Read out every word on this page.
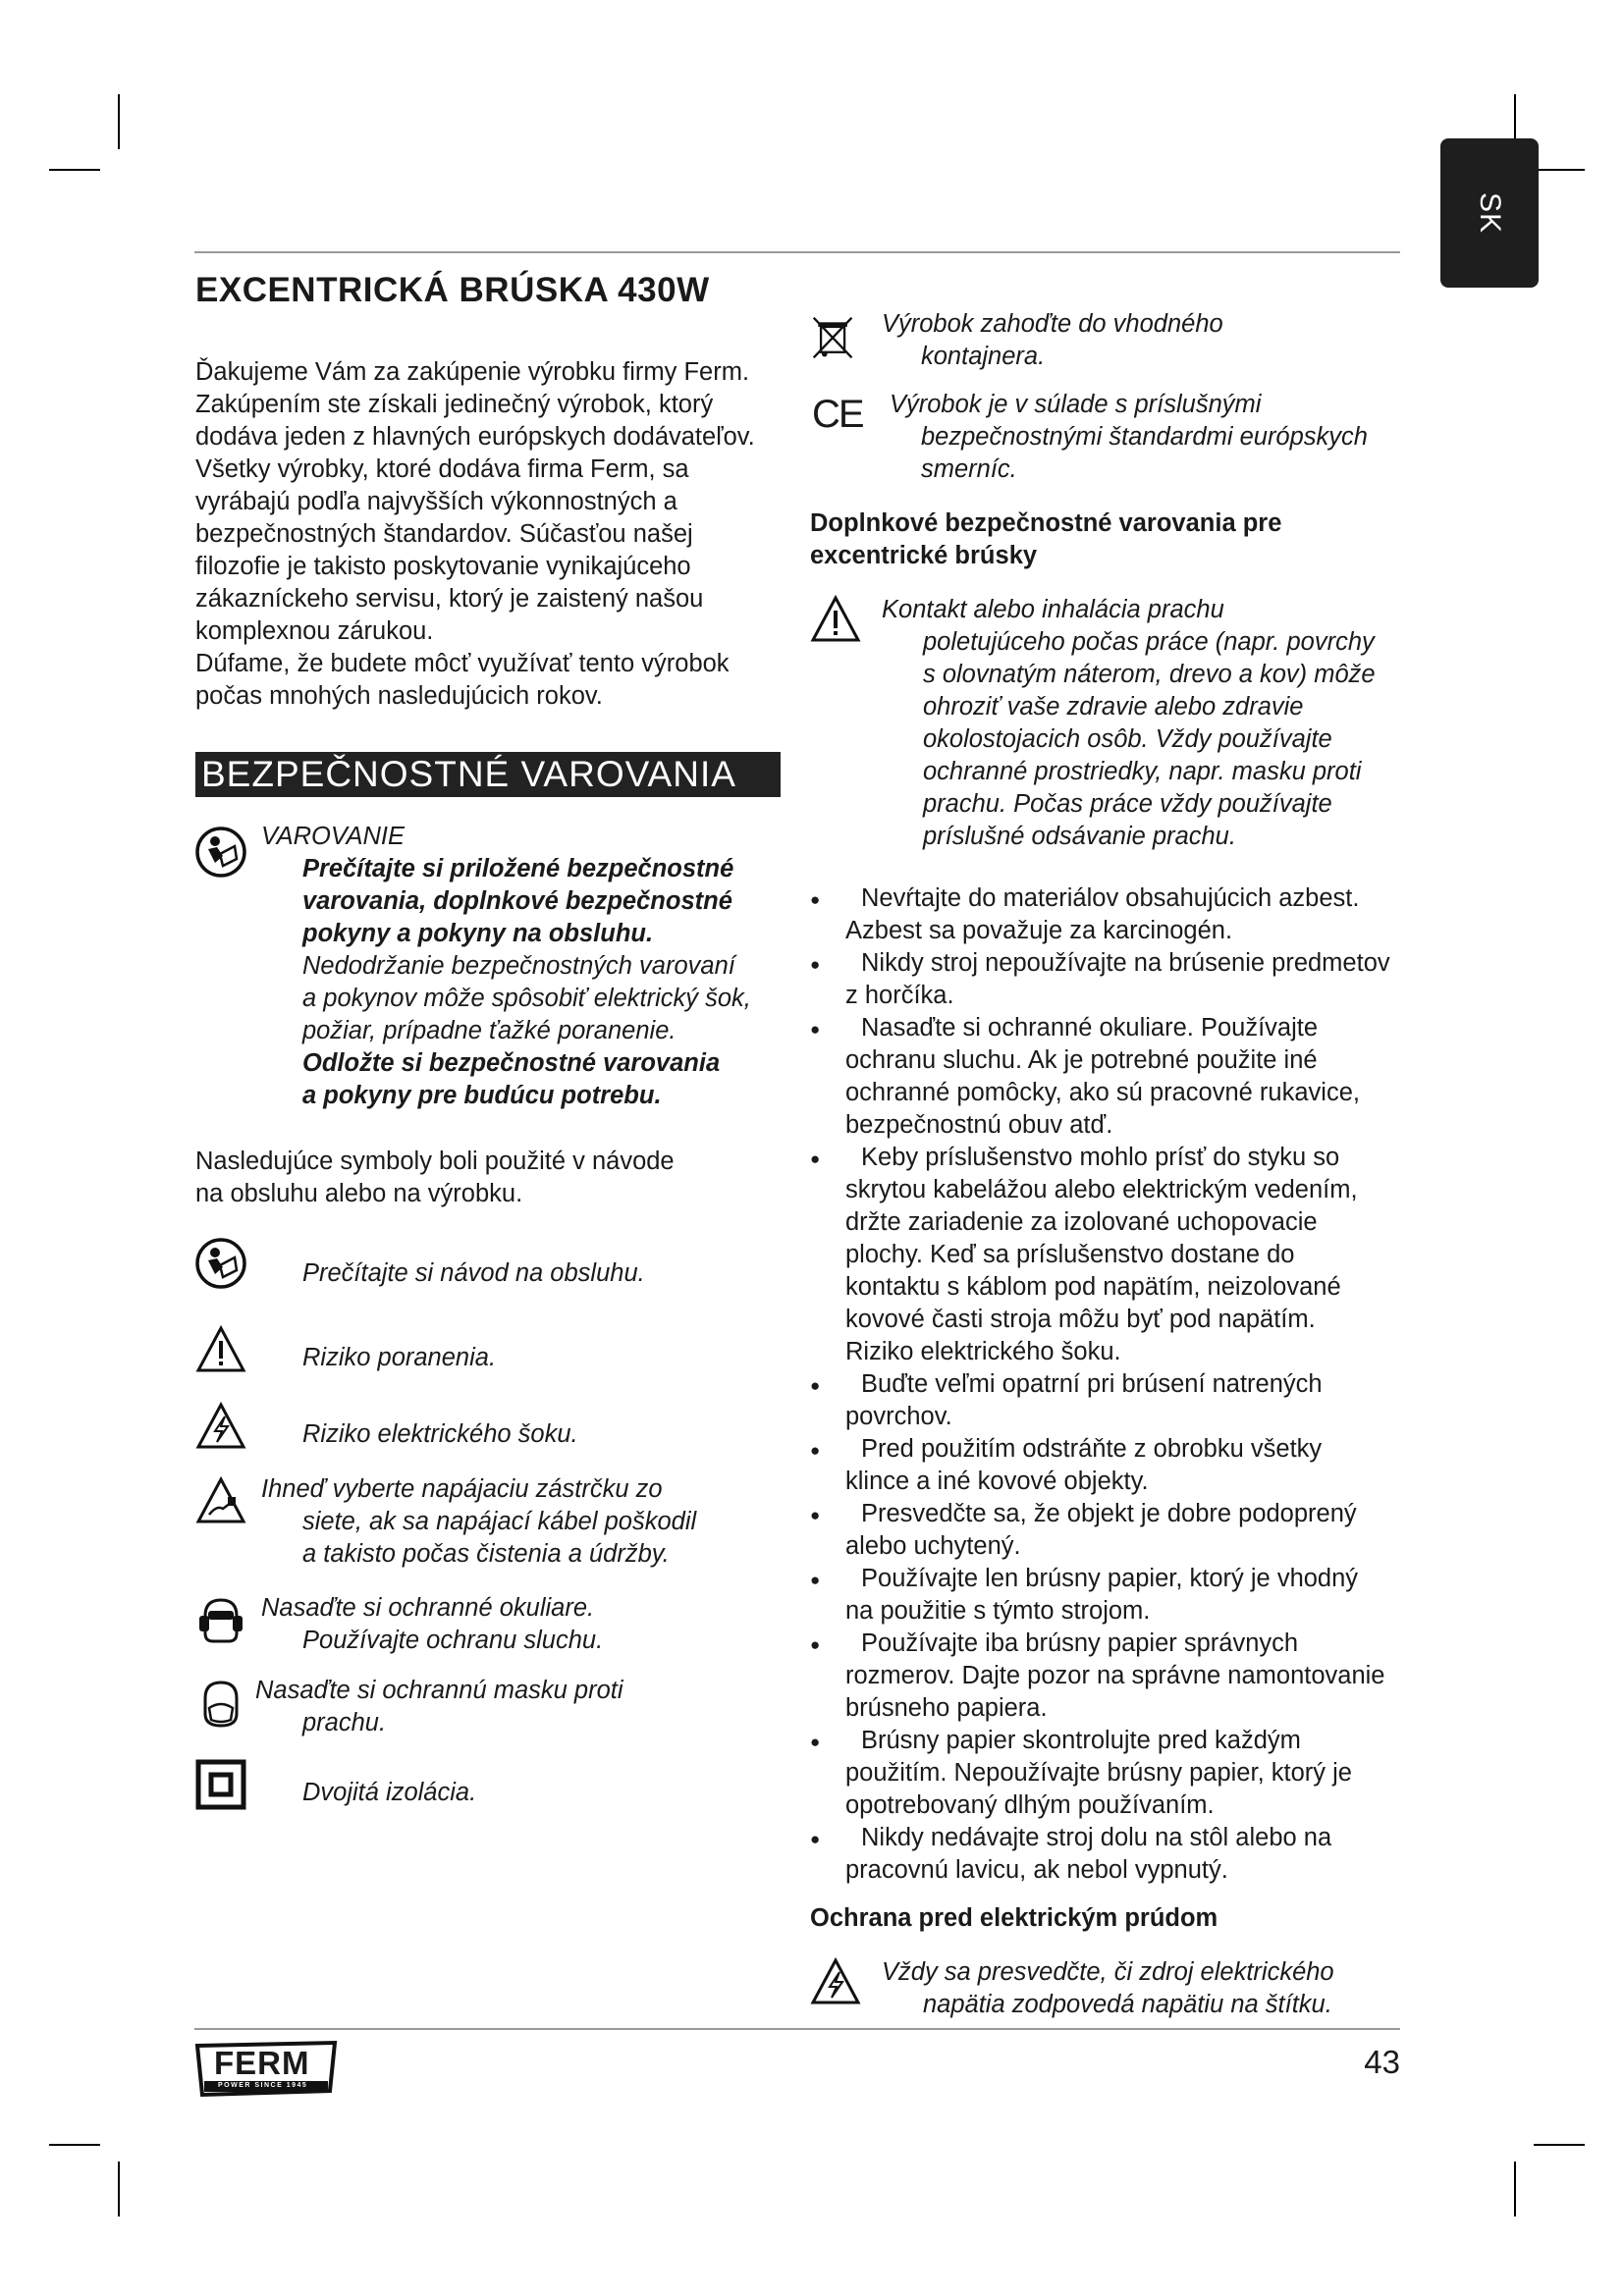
SK
EXCENTRICKÁ BRÚSKA 430W

Ďakujeme Vám za zakúpenie výrobku firmy Ferm.

Zakúpením ste získali jedinečný výrobok, ktorý

dodáva jeden z hlavných európskych dodávateľov.

Všetky výrobky, ktoré dodáva firma Ferm, sa

vyrábajú podľa najvyšších výkonnostných a

bezpečnostných štandardov. Súčasťou našej

filozofie je takisto poskytovanie vynikajúceho

zákazníckeho servisu, ktorý je zaistený našou

komplexnou zárukou.

Dúfame, že budete môcť využívať tento výrobok

počas mnohých nasledujúcich rokov.

BEZPEČNOSTNÉ VAROVANIA

VAROVANIE

Prečítajte si priložené bezpečnostné

varovania, doplnkové bezpečnostné

pokyny a pokyny na obsluhu.

Nedodržanie bezpečnostných varovaní

a pokynov môže spôsobiť elektrický šok,

požiar, prípadne ťažké poranenie.

Odložte si bezpečnostné varovania

a pokyny pre budúcu potrebu.

Nasledujúce symboly boli použité v návode

na obsluhu alebo na výrobku.

Prečítajte si návod na obsluhu.

Riziko poranenia.

Riziko elektrického šoku.

Ihneď vyberte napájaciu zástrčku zo

siete, ak sa napájací kábel poškodil

a takisto počas čistenia a údržby.

Nasaďte si ochranné okuliare.

Používajte ochranu sluchu.

Nasaďte si ochrannú masku proti

prachu.

Dvojitá izolácia.

Výrobok zahoďte do vhodného

kontajnera.

CE	Výrobok je v súlade s príslušnými

bezpečnostnými štandardmi európskych

smerníc.

Doplnkové bezpečnostné varovania pre

excentrické brúsky

Kontakt alebo inhalácia prachu

poletujúceho počas práce (napr. povrchy

s olovnatým náterom, drevo a kov) môže

ohroziť vaše zdravie alebo zdravie

okolostojacich osôb. Vždy používajte

ochranné prostriedky, napr. masku proti

prachu. Počas práce vždy používajte

príslušné odsávanie prachu.

● Nevŕtajte do materiálov obsahujúcich azbest.

Azbest sa považuje za karcinogén.

● Nikdy stroj nepoužívajte na brúsenie predmetov

z horčíka.

● Nasaďte si ochranné okuliare. Používajte

ochranu sluchu. Ak je potrebné použite iné

ochranné pomôcky, ako sú pracovné rukavice,

bezpečnostnú obuv atď.

● Keby príslušenstvo mohlo prísť do styku so

skrytou kabelážou alebo elektrickým vedením,

držte zariadenie za izolované uchopovacie

plochy. Keď sa príslušenstvo dostane do

kontaktu s káblom pod napätím, neizolované

kovové časti stroja môžu byť pod napätím.

Riziko elektrického šoku.

● Buďte veľmi opatrní pri brúsení natrených

povrchov.

● Pred použitím odstráňte z obrobku všetky

klince a iné kovové objekty.

● Presvedčte sa, že objekt je dobre podoprený

alebo uchytený.

● Používajte len brúsny papier, ktorý je vhodný

na použitie s týmto strojom.

● Používajte iba brúsny papier správnych

rozmerov. Dajte pozor na správne namontovanie

brúsneho papiera.

● Brúsny papier skontrolujte pred každým

použitím. Nepoužívajte brúsny papier, ktorý je

opotrebovaný dlhým používaním.

● Nikdy nedávajte stroj dolu na stôl alebo na

pracovnú lavicu, ak nebol vypnutý.

Ochrana pred elektrickým prúdom

Vždy sa presvedčte, či zdroj elektrického

napätia zodpovedá napätiu na štítku.

FERM
POWER SINCE 1945
43
